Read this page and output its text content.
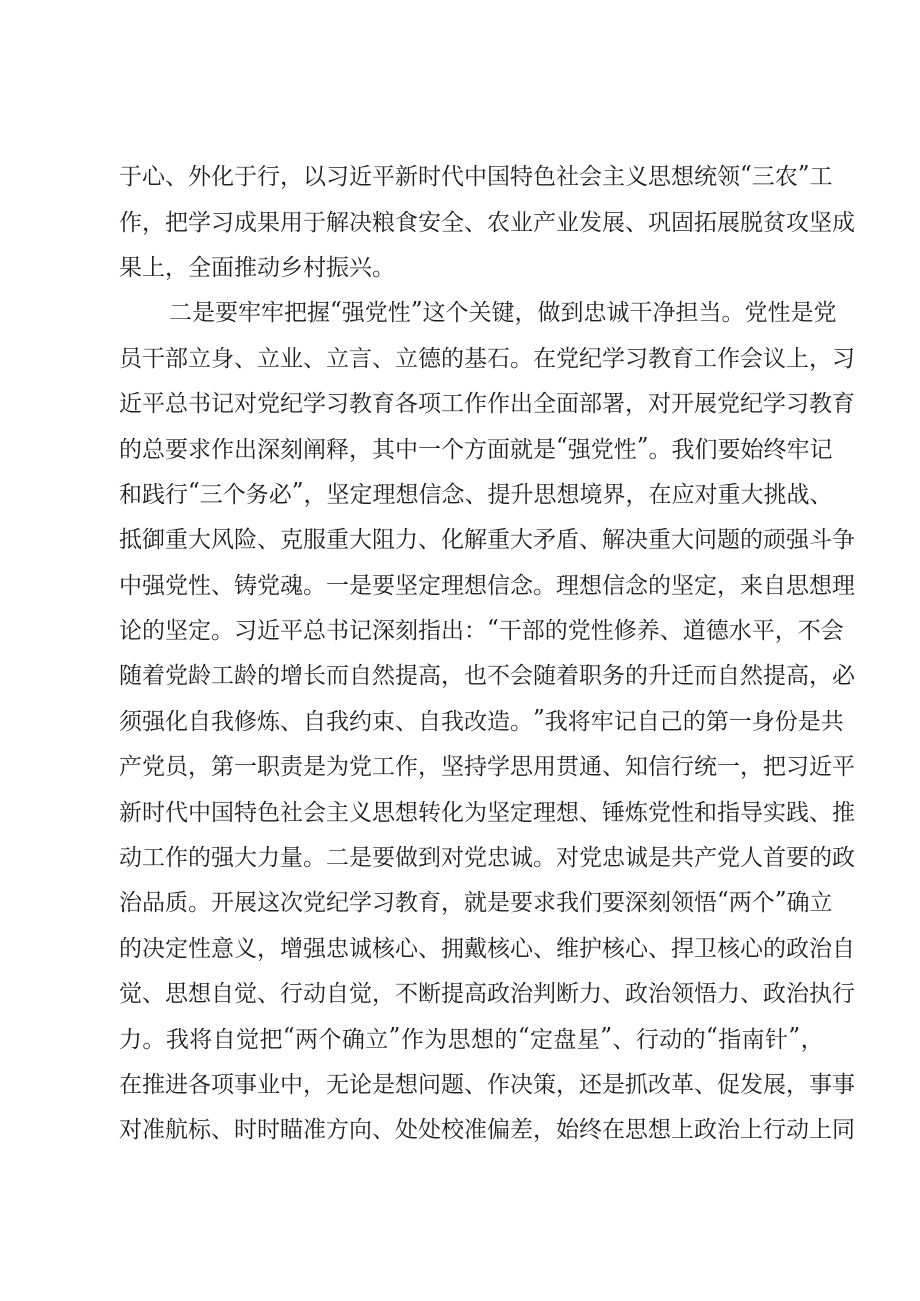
于 心 、 外 化 于 行 ， 以 习 近 平 新 时 代 中 国 特 色 社 会 主 义 思 想 统 领 “ 三 农 ” 工
作 ， 把 学 习 成 果 用 于 解 决 粮 食 安 全 、 农 业 产 业 发 展 、 巩 固 拓 展 脱 贫 攻 坚 成
果上，全面推动乡村振兴。
二 是 要 牢 牢 把 握 “ 强 党 性 ” 这 个 关 键 ， 做 到 忠 诚 干 净 担 当 。 党 性 是 党
员 干 部 立 身 、 立 业 、 立 言 、 立 德 的 基 石 。 在 党 纪 学 习 教 育 工 作 会 议 上 ， 习
近 平 总 书 记 对 党 纪 学 习 教 育 各 项 工 作 作 出 全 面 部 署 ， 对 开 展 党 纪 学 习 教 育
的 总 要 求 作 出 深 刻 阐 释 ， 其 中 一 个 方 面 就 是 “ 强 党 性 ” 。 我 们 要 始 终 牢 记
和 践 行 “ 三 个 务 必 ” ， 坚 定 理 想 信 念 、 提 升 思 想 境 界 ， 在 应 对 重 大 挑 战 、
抵 御 重 大 风 险 、 克 服 重 大 阻 力 、 化 解 重 大 矛 盾 、 解 决 重 大 问 题 的 顽 强 斗 争
中 强 党 性 、 铸 党 魂 。 一 是 要 坚 定 理 想 信 念 。 理 想 信 念 的 坚 定 ， 来 自 思 想 理
论 的 坚 定 。 习 近 平 总 书 记 深 刻 指 出 ： “ 干 部 的 党 性 修 养 、 道 德 水 平 ， 不 会
随 着 党 龄 工 龄 的 增 长 而 自 然 提 高 ， 也 不 会 随 着 职 务 的 升 迁 而 自 然 提 高 ， 必
须 强 化 自 我 修 炼 、 自 我 约 束 、 自 我 改 造 。 ” 我 将 牢 记 自 己 的 第 一 身 份 是 共
产 党 员 ， 第 一 职 责 是 为 党 工 作 ， 坚 持 学 思 用 贯 通 、 知 信 行 统 一 ， 把 习 近 平
新 时 代 中 国 特 色 社 会 主 义 思 想 转 化 为 坚 定 理 想 、 锤 炼 党 性 和 指 导 实 践 、 推
动 工 作 的 强 大 力 量 。 二 是 要 做 到 对 党 忠 诚 。 对 党 忠 诚 是 共 产 党 人 首 要 的 政
治 品 质 。 开 展 这 次 党 纪 学 习 教 育 ， 就 是 要 求 我 们 要 深 刻 领 悟 “ 两 个 ” 确 立
的 决 定 性 意 义 ， 增 强 忠 诚 核 心 、 拥 戴 核 心 、 维 护 核 心 、 捍 卫 核 心 的 政 治 自
觉 、 思 想 自 觉 、 行 动 自 觉 ， 不 断 提 高 政 治 判 断 力 、 政 治 领 悟 力 、 政 治 执 行
力 。 我 将 自 觉 把 “ 两 个 确 立 ” 作 为 思 想 的 “ 定 盘 星 ” 、 行 动 的 “ 指 南 针 ” ，
在 推 进 各 项 事 业 中 ， 无 论 是 想 问 题 、 作 决 策 ， 还 是 抓 改 革 、 促 发 展 ， 事 事
对 准 航 标 、 时 时 瞄 准 方 向 、 处 处 校 准 偏 差 ， 始 终 在 思 想 上 政 治 上 行 动 上 同
